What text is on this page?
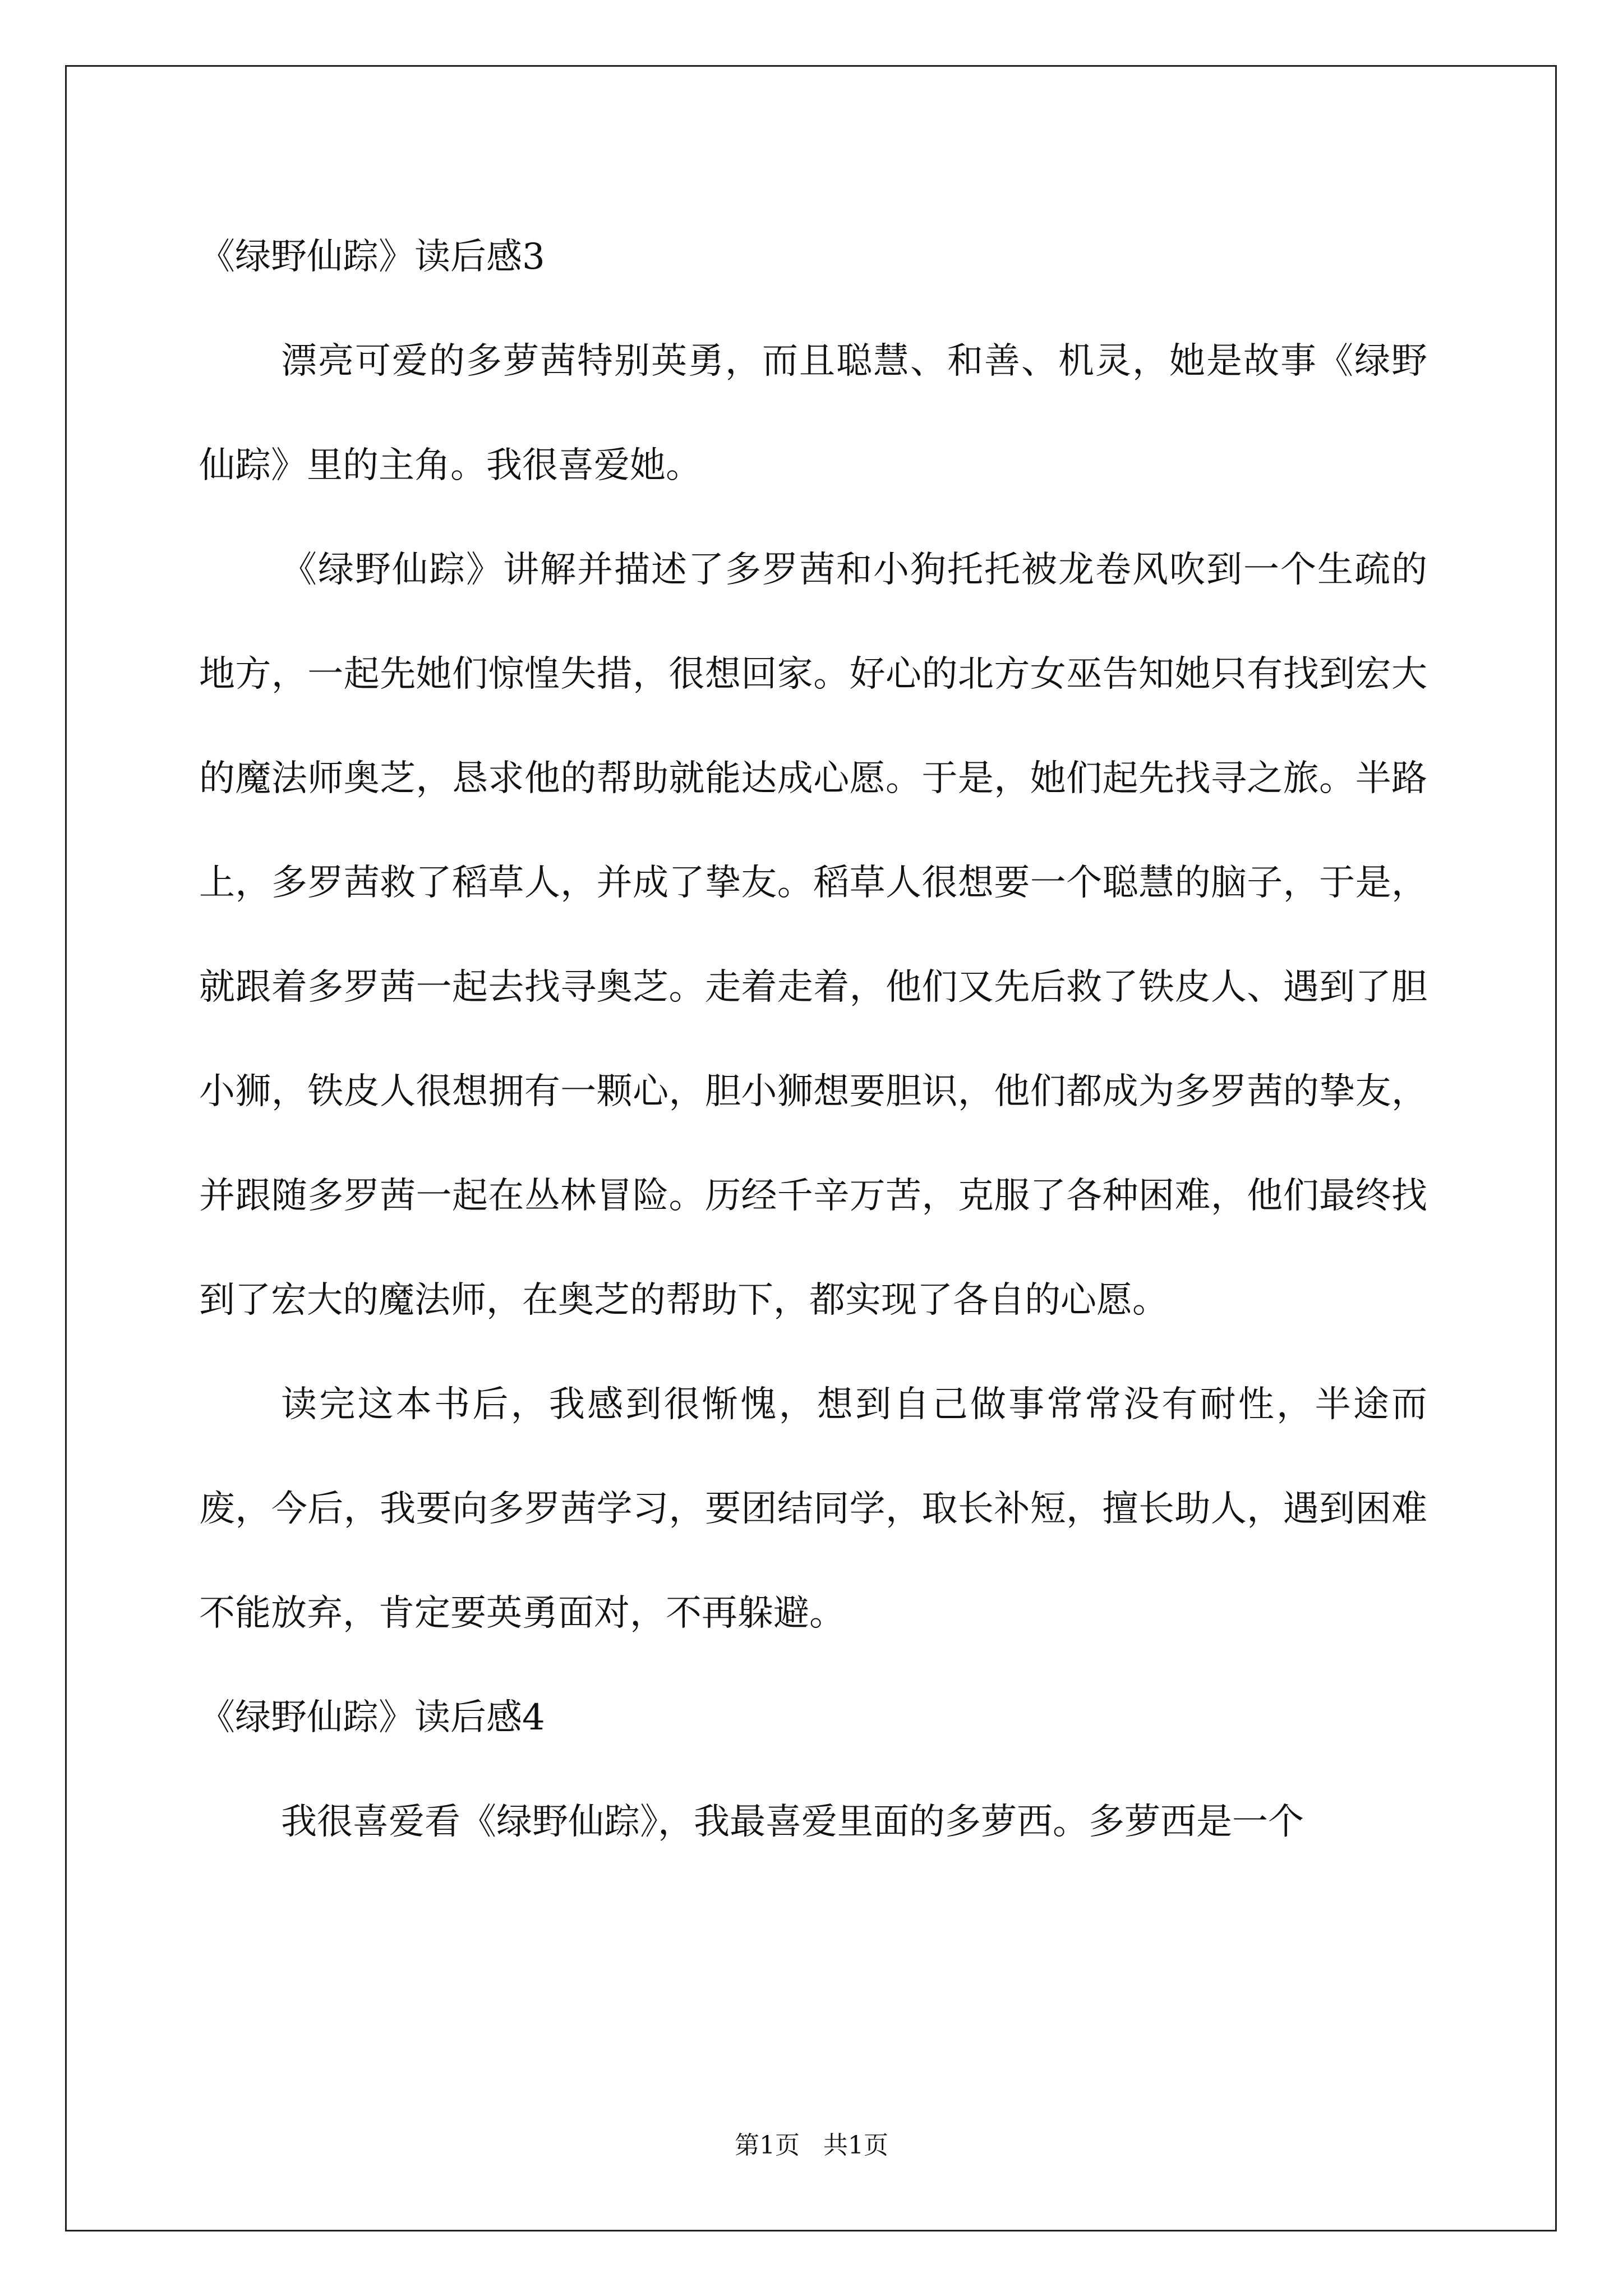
《绿野仙踪》读后感3

漂亮可爱的多萝茜特别英勇，而且聪慧、和善、机灵，她是故事《绿野仙踪》里的主角。我很喜爱她。

《绿野仙踪》讲解并描述了多罗茜和小狗托托被龙卷风吹到一个生疏的地方，一起先她们惊惶失措，很想回家。好心的北方女巫告知她只有找到宏大的魔法师奥芝，恳求他的帮助就能达成心愿。于是，她们起先找寻之旅。半路上，多罗茜救了稻草人，并成了挚友。稻草人很想要一个聪慧的脑子，于是，就跟着多罗茜一起去找寻奥芝。走着走着，他们又先后救了铁皮人、遇到了胆小狮，铁皮人很想拥有一颗心，胆小狮想要胆识，他们都成为多罗茜的挚友，并跟随多罗茜一起在丛林冒险。历经千辛万苦，克服了各种困难，他们最终找到了宏大的魔法师，在奥芝的帮助下，都实现了各自的心愿。

读完这本书后，我感到很惭愧，想到自己做事常常没有耐性，半途而废，今后，我要向多罗茜学习，要团结同学，取长补短，擅长助人，遇到困难不能放弃，肯定要英勇面对，不再躲避。

《绿野仙踪》读后感4

我很喜爱看《绿野仙踪》，我最喜爱里面的多萝西。多萝西是一个

第1页   共1页
